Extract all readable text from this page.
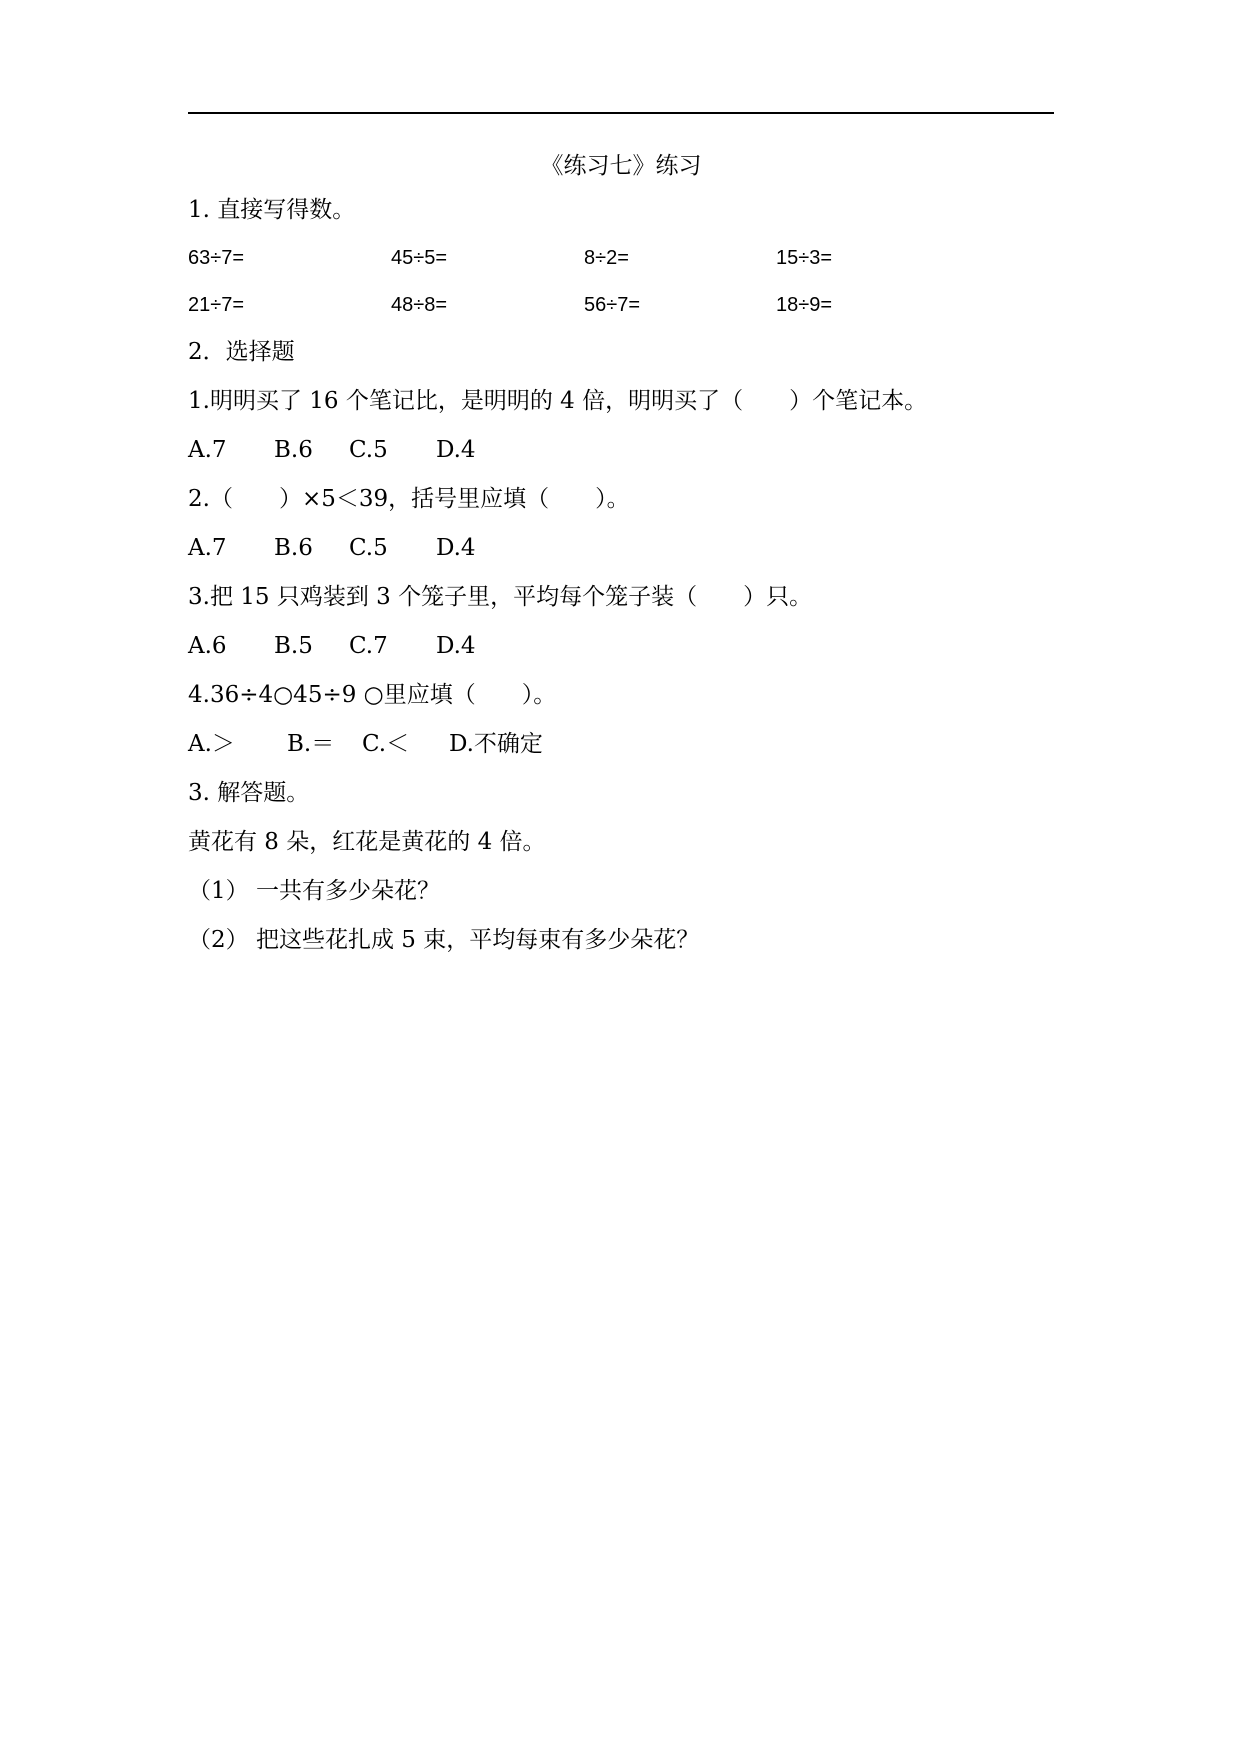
《练习七》练习
1. 直接写得数。
63÷7=	45÷5=	8÷2=	15÷3=
21÷7=	48÷8=	56÷7=	18÷9=
2．选择题
1.明明买了 16 个笔记比，是明明的 4 倍，明明买了（　　）个笔记本。
A.7 B.6 C.5 D.4
2.（　　）×5＜39，括号里应填（　　）。
A.7 B.6 C.5 D.4
3.把 15 只鸡装到 3 个笼子里，平均每个笼子装（　　）只。
A.6 B.5 C.7 D.4
4.36÷4○45÷9 ○里应填（　　）。
A.＞ B.＝ C.＜ D.不确定
3. 解答题。
黄花有 8 朵，红花是黄花的 4 倍。
（1） 一共有多少朵花？
（2） 把这些花扎成 5 束，平均每束有多少朵花？
